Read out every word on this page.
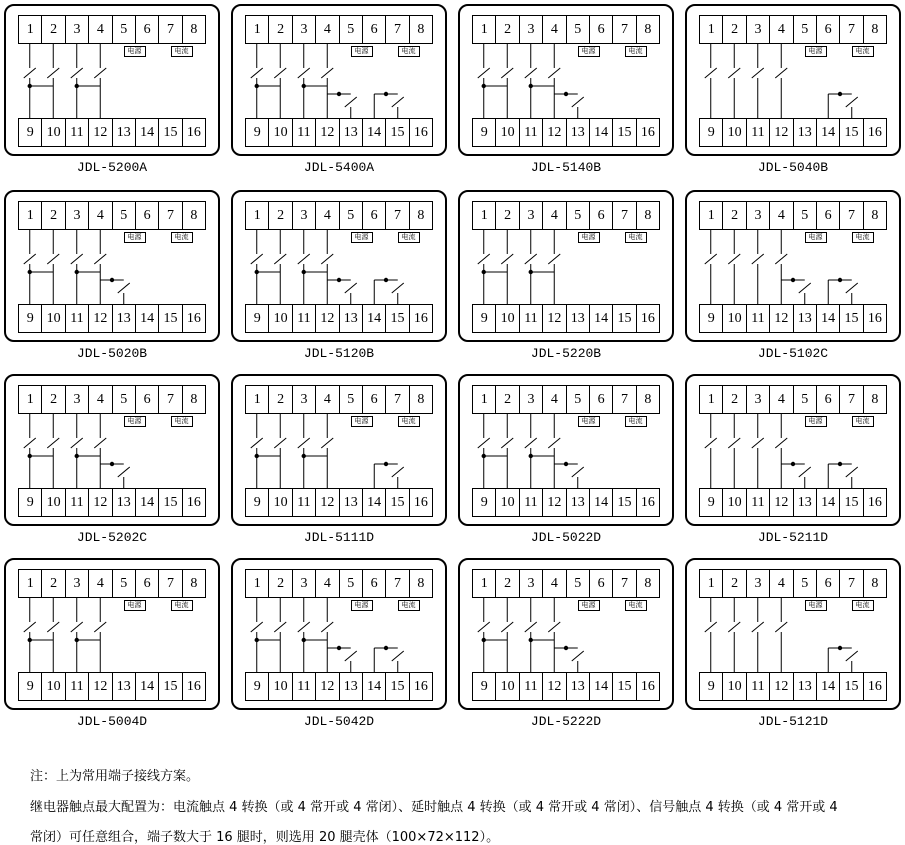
1	2	3	4	5	6	7	8
9 10 11 12 13 14 15 16
电源	电流
JDL-5200A
1	2	3	4	5	6	7	8
9 10 11 12 13 14 15 16
电源	电流
JDL-5400A
1	2	3	4	5	6	7	8
9 10 11 12 13 14 15 16
电源	电流
JDL-5140B
1	2	3	4	5	6	7	8
9 10 11 12 13 14 15 16
电源	电流
JDL-5040B
1	2	3	4	5	6	7	8
9 10 11 12 13 14 15 16
电源	电流
JDL-5020B
1	2	3	4	5	6	7	8
9 10 11 12 13 14 15 16
电源	电流
JDL-5120B
1	2	3	4	5	6	7	8
9 10 11 12 13 14 15 16
电源	电流
JDL-5220B
1	2	3	4	5	6	7	8
9 10 11 12 13 14 15 16
电源	电流
JDL-5102C
1	2	3	4	5	6	7	8
9 10 11 12 13 14 15 16
电源	电流
JDL-5202C
1	2	3	4	5	6	7	8
9 10 11 12 13 14 15 16
电源	电流
JDL-5111D
1	2	3	4	5	6	7	8
9 10 11 12 13 14 15 16
电源	电流
JDL-5022D
1	2	3	4	5	6	7	8
9 10 11 12 13 14 15 16
电源	电流
JDL-5211D
1	2	3	4	5	6	7	8
9 10 11 12 13 14 15 16
电源	电流
JDL-5004D
1	2	3	4	5	6	7	8
9 10 11 12 13 14 15 16
电源	电流
JDL-5042D
1	2	3	4	5	6	7	8
9 10 11 12 13 14 15 16
电源	电流
JDL-5222D
1	2	3	4	5	6	7	8
9 10 11 12 13 14 15 16
电源	电流
JDL-5121D
注：上为常用端子接线方案。
继电器触点最大配置为：电流触点 4 转换（或 4 常开或 4 常闭）、延时触点 4 转换（或 4 常开或 4 常闭）、信号触点 4 转换（或 4 常开或 4
常闭）可任意组合，端子数大于 16 腿时，则选用 20 腿壳体（100×72×112）。
